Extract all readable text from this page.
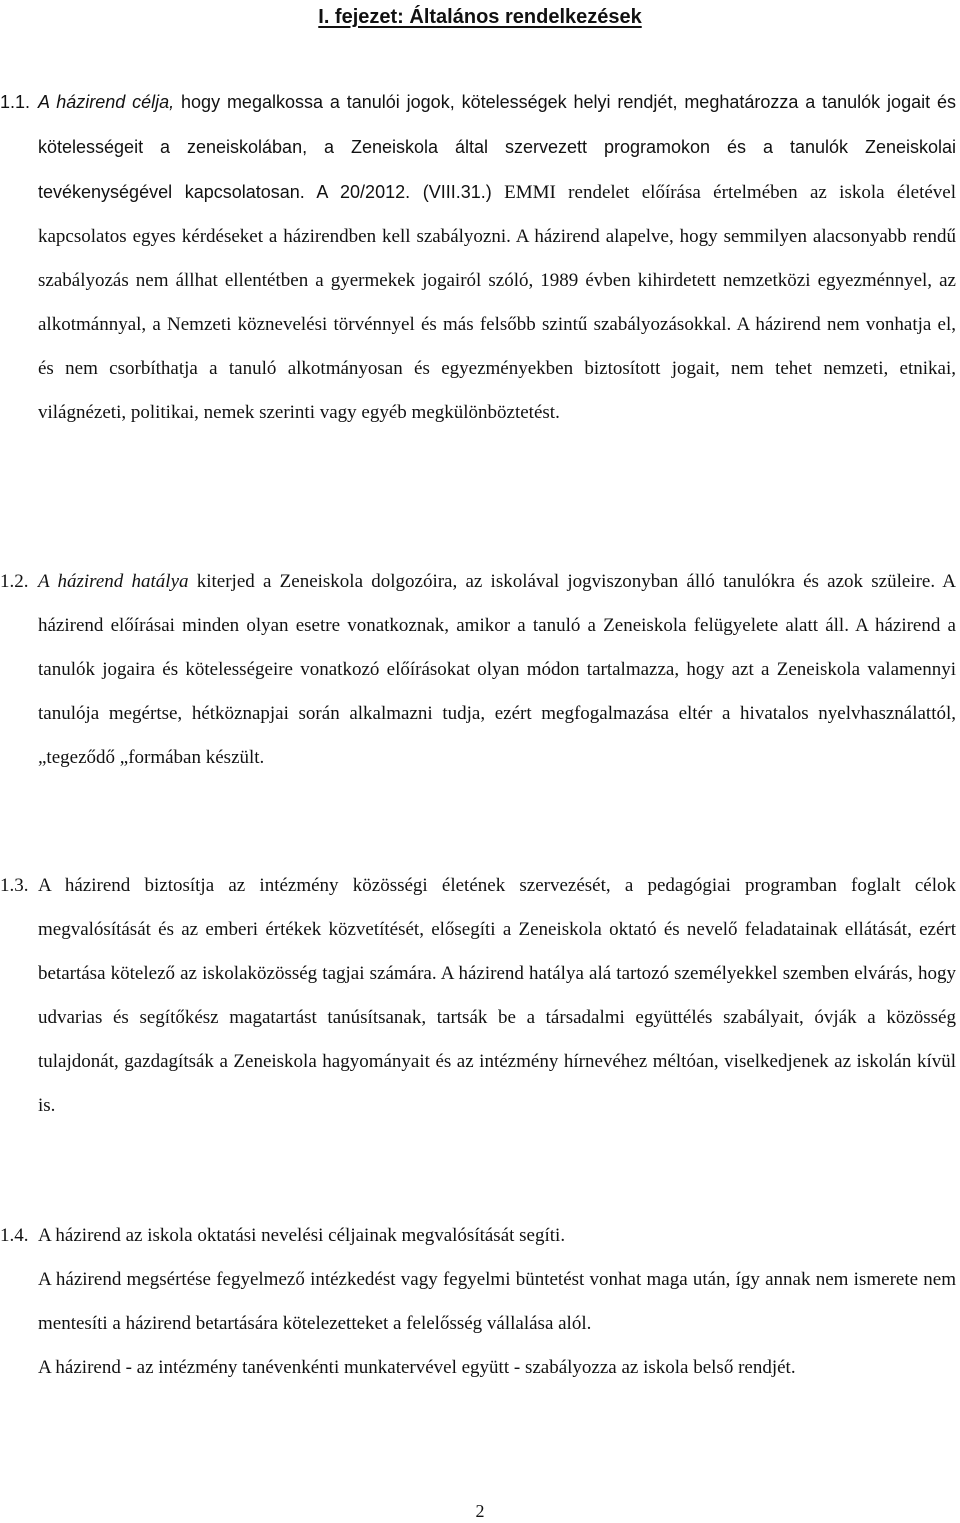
I. fejezet: Általános rendelkezések

1.1. A házirend célja, hogy megalkossa a tanulói jogok, kötelességek helyi rendjét, meghatározza a tanulók jogait és kötelességeit a zeneiskolában, a Zeneiskola által szervezett programokon és a tanulók Zeneiskolai tevékenységével kapcsolatosan. A 20/2012. (VIII.31.) EMMI rendelet előírása értelmében az iskola életével kapcsolatos egyes kérdéseket a házirendben kell szabályozni. A házirend alapelve, hogy semmilyen alacsonyabb rendű szabályozás nem állhat ellentétben a gyermekek jogairól szóló, 1989 évben kihirdetett nemzetközi egyezménnyel, az alkotmánnyal, a Nemzeti köznevelési törvénnyel és más felsőbb szintű szabályozásokkal. A házirend nem vonhatja el, és nem csorbíthatja a tanuló alkotmányosan és egyezményekben biztosított jogait, nem tehet nemzeti, etnikai, világnézeti, politikai, nemek szerinti vagy egyéb megkülönböztetést.

1.2. A házirend hatálya kiterjed a Zeneiskola dolgozóira, az iskolával jogviszonyban álló tanulókra és azok szüleire. A házirend előírásai minden olyan esetre vonatkoznak, amikor a tanuló a Zeneiskola felügyelete alatt áll. A házirend a tanulók jogaira és kötelességeire vonatkozó előírásokat olyan módon tartalmazza, hogy azt a Zeneiskola valamennyi tanulója megértse, hétköznapjai során alkalmazni tudja, ezért megfogalmazása eltér a hivatalos nyelvhasználattól, „tegeződő „formában készült.

1.3. A házirend biztosítja az intézmény közösségi életének szervezését, a pedagógiai programban foglalt célok megvalósítását és az emberi értékek közvetítését, elősegíti a Zeneiskola oktató és nevelő feladatainak ellátását, ezért betartása kötelező az iskolaközösség tagjai számára. A házirend hatálya alá tartozó személyekkel szemben elvárás, hogy udvarias és segítőkész magatartást tanúsítsanak, tartsák be a társadalmi együttélés szabályait, óvják a közösség tulajdonát, gazdagítsák a Zeneiskola hagyományait és az intézmény hírnevéhez méltóan, viselkedjenek az iskolán kívül is.

1.4. A házirend az iskola oktatási nevelési céljainak megvalósítását segíti.

A házirend megsértése fegyelmező intézkedést vagy fegyelmi büntetést vonhat maga után, így annak nem ismerete nem mentesíti a házirend betartására kötelezetteket a felelősség vállalása alól.

A házirend - az intézmény tanévenkénti munkatervével együtt - szabályozza az iskola belső rendjét.

2
